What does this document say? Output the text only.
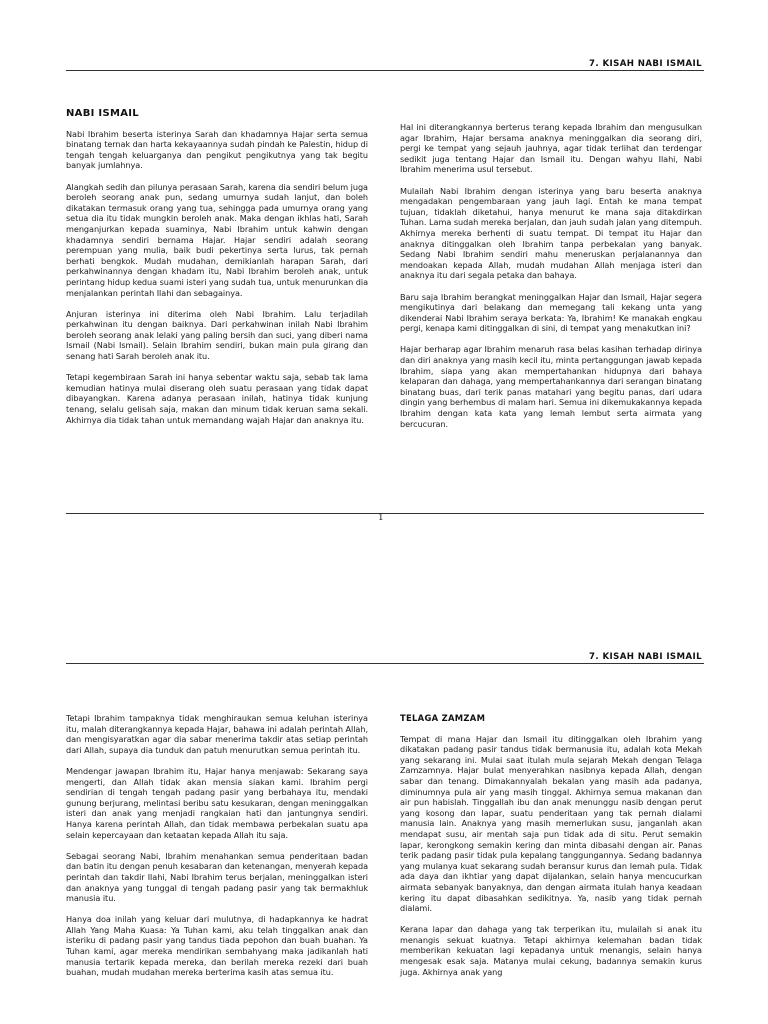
7. KISAH NABI ISMAIL
NABI ISMAIL

Nabi Ibrahim beserta isterinya Sarah dan khadamnya Hajar serta semua binatang ternak dan harta kekayaannya sudah pindah ke Palestin, hidup di tengah tengah keluarganya dan pengikut pengikutnya yang tak begitu banyak jumlahnya.

Alangkah sedih dan pilunya perasaan Sarah, karena dia sendiri belum juga beroleh seorang anak pun, sedang umurnya sudah lanjut, dan boleh dikatakan termasuk orang yang tua, sehingga pada umurnya orang yang setua dia itu tidak mungkin beroleh anak. Maka dengan ikhlas hati, Sarah menganjurkan kepada suaminya, Nabi Ibrahim untuk kahwin dengan khadamnya sendiri bernama Hajar. Hajar sendiri adalah seorang perempuan yang mulia, baik budi pekertinya serta lurus, tak pernah berhati bengkok. Mudah mudahan, demikianlah harapan Sarah, dari perkahwinannya dengan khadam itu, Nabi Ibrahim beroleh anak, untuk perintang hidup kedua suami isteri yang sudah tua, untuk menurunkan dia menjalankan perintah Ilahi dan sebagainya.

Anjuran isterinya ini diterima oleh Nabi Ibrahim. Lalu terjadilah perkahwinan itu dengan baiknya. Dari perkahwinan inilah Nabi Ibrahim beroleh seorang anak lelaki yang paling bersih dan suci, yang diberi nama Ismail (Nabi Ismail). Selain Ibrahim sendiri, bukan main pula girang dan senang hati Sarah beroleh anak itu.

Tetapi kegembiraan Sarah ini hanya sebentar waktu saja, sebab tak lama kemudian hatinya mulai diserang oleh suatu perasaan yang tidak dapat dibayangkan. Karena adanya perasaan inilah, hatinya tidak kunjung tenang, selalu gelisah saja, makan dan minum tidak keruan sama sekali. Akhirnya dia tidak tahan untuk memandang wajah Hajar dan anaknya itu.

Hal ini diterangkannya berterus terang kepada Ibrahim dan mengusulkan agar Ibrahim, Hajar bersama anaknya meninggalkan dia seorang diri, pergi ke tempat yang sejauh jauhnya, agar tidak terlihat dan terdengar sedikit juga tentang Hajar dan Ismail itu. Dengan wahyu Ilahi, Nabi Ibrahim menerima usul tersebut.

Mulailah Nabi Ibrahim dengan isterinya yang baru beserta anaknya mengadakan pengembaraan yang jauh lagi. Entah ke mana tempat tujuan, tidaklah diketahui, hanya menurut ke mana saja ditakdirkan Tuhan. Lama sudah mereka berjalan, dan jauh sudah jalan yang ditempuh. Akhirnya mereka berhenti di suatu tempat. Di tempat itu Hajar dan anaknya ditinggalkan oleh Ibrahim tanpa perbekalan yang banyak. Sedang Nabi Ibrahim sendiri mahu meneruskan perjalanannya dan mendoakan kepada Allah, mudah mudahan Allah menjaga isteri dan anaknya itu dari segala petaka dan bahaya.

Baru saja Ibrahim berangkat meninggalkan Hajar dan Ismail, Hajar segera mengikutinya dari belakang dan memegang tali kekang unta yang dikenderai Nabi Ibrahim seraya berkata: Ya, Ibrahim! Ke manakah engkau pergi, kenapa kami ditinggalkan di sini, di tempat yang menakutkan ini?

Hajar berharap agar Ibrahim menaruh rasa belas kasihan terhadap dirinya dan diri anaknya yang masih kecil itu, minta pertanggungan jawab kepada Ibrahim, siapa yang akan mempertahankan hidupnya dari bahaya kelaparan dan dahaga, yang mempertahankannya dari serangan binatang binatang buas, dari terik panas matahari yang begitu panas, dari udara dingin yang berhembus di malam hari. Semua ini dikemukakannya kepada Ibrahim dengan kata kata yang lemah lembut serta airmata yang bercucuran.

1
7. KISAH NABI ISMAIL

Tetapi Ibrahim tampaknya tidak menghiraukan semua keluhan isterinya itu, malah diterangkannya kepada Hajar, bahawa ini adalah perintah Allah, dan mengisyaratkan agar dia sabar menerima takdir atas setiap perintah dari Allah, supaya dia tunduk dan patuh menurutkan semua perintah itu.

Mendengar jawapan Ibrahim itu, Hajar hanya menjawab: Sekarang saya mengerti, dan Allah tidak akan mensia siakan kami. Ibrahim pergi sendirian di tengah tengah padang pasir yang berbahaya itu, mendaki gunung berjurang, melintasi beribu satu kesukaran, dengan meninggalkan isteri dan anak yang menjadi rangkaian hati dan jantungnya sendiri. Hanya karena perintah Allah, dan tidak membawa perbekalan suatu apa selain kepercayaan dan ketaatan kepada Allah itu saja.

Sebagai seorang Nabi, Ibrahim menahankan semua penderitaan badan dan batin itu dengan penuh kesabaran dan ketenangan, menyerah kepada perintah dan takdir Ilahi, Nabi Ibrahim terus berjalan, meninggalkan isteri dan anaknya yang tunggal di tengah padang pasir yang tak bermakhluk manusia itu.

Hanya doa inilah yang keluar dari mulutnya, di hadapkannya ke hadrat Allah Yang Maha Kuasa: Ya Tuhan kami, aku telah tinggalkan anak dan isteriku di padang pasir yang tandus tiada pepohon dan buah buahan. Ya Tuhan kami, agar mereka mendirikan sembahyang maka jadikanlah hati manusia tertarik kepada mereka, dan berilah mereka rezeki dari buah buahan, mudah mudahan mereka berterima kasih atas semua itu.

TELAGA ZAMZAM

Tempat di mana Hajar dan Ismail itu ditinggalkan oleh Ibrahim yang dikatakan padang pasir tandus tidak bermanusia itu, adalah kota Mekah yang sekarang ini. Mulai saat itulah mula sejarah Mekah dengan Telaga Zamzamnya. Hajar bulat menyerahkan nasibnya kepada Allah, dengan sabar dan tenang. Dimakannyalah bekalan yang masih ada padanya, diminumnya pula air yang masih tinggal. Akhirnya semua makanan dan air pun habislah. Tinggallah ibu dan anak menunggu nasib dengan perut yang kosong dan lapar, suatu penderitaan yang tak pernah dialami manusia lain. Anaknya yang masih memerlukan susu, janganlah akan mendapat susu, air mentah saja pun tidak ada di situ. Perut semakin lapar, kerongkong semakin kering dan minta dibasahi dengan air. Panas terik padang pasir tidak pula kepalang tanggungannya. Sedang badannya yang mulanya kuat sekarang sudah beransur kurus dan lemah pula. Tidak ada daya dan ikhtiar yang dapat dijalankan, selain hanya mencucurkan airmata sebanyak banyaknya, dan dengan airmata itulah hanya keadaan kering itu dapat dibasahkan sedikitnya. Ya, nasib yang tidak pernah dialami.

Kerana lapar dan dahaga yang tak terperikan itu, mulailah si anak itu menangis sekuat kuatnya. Tetapi akhirnya kelemahan badan tidak memberikan kekuatan lagi kepadanya untuk menangis, selain hanya mengesak esak saja. Matanya mulai cekung, badannya semakin kurus juga. Akhirnya anak yang
